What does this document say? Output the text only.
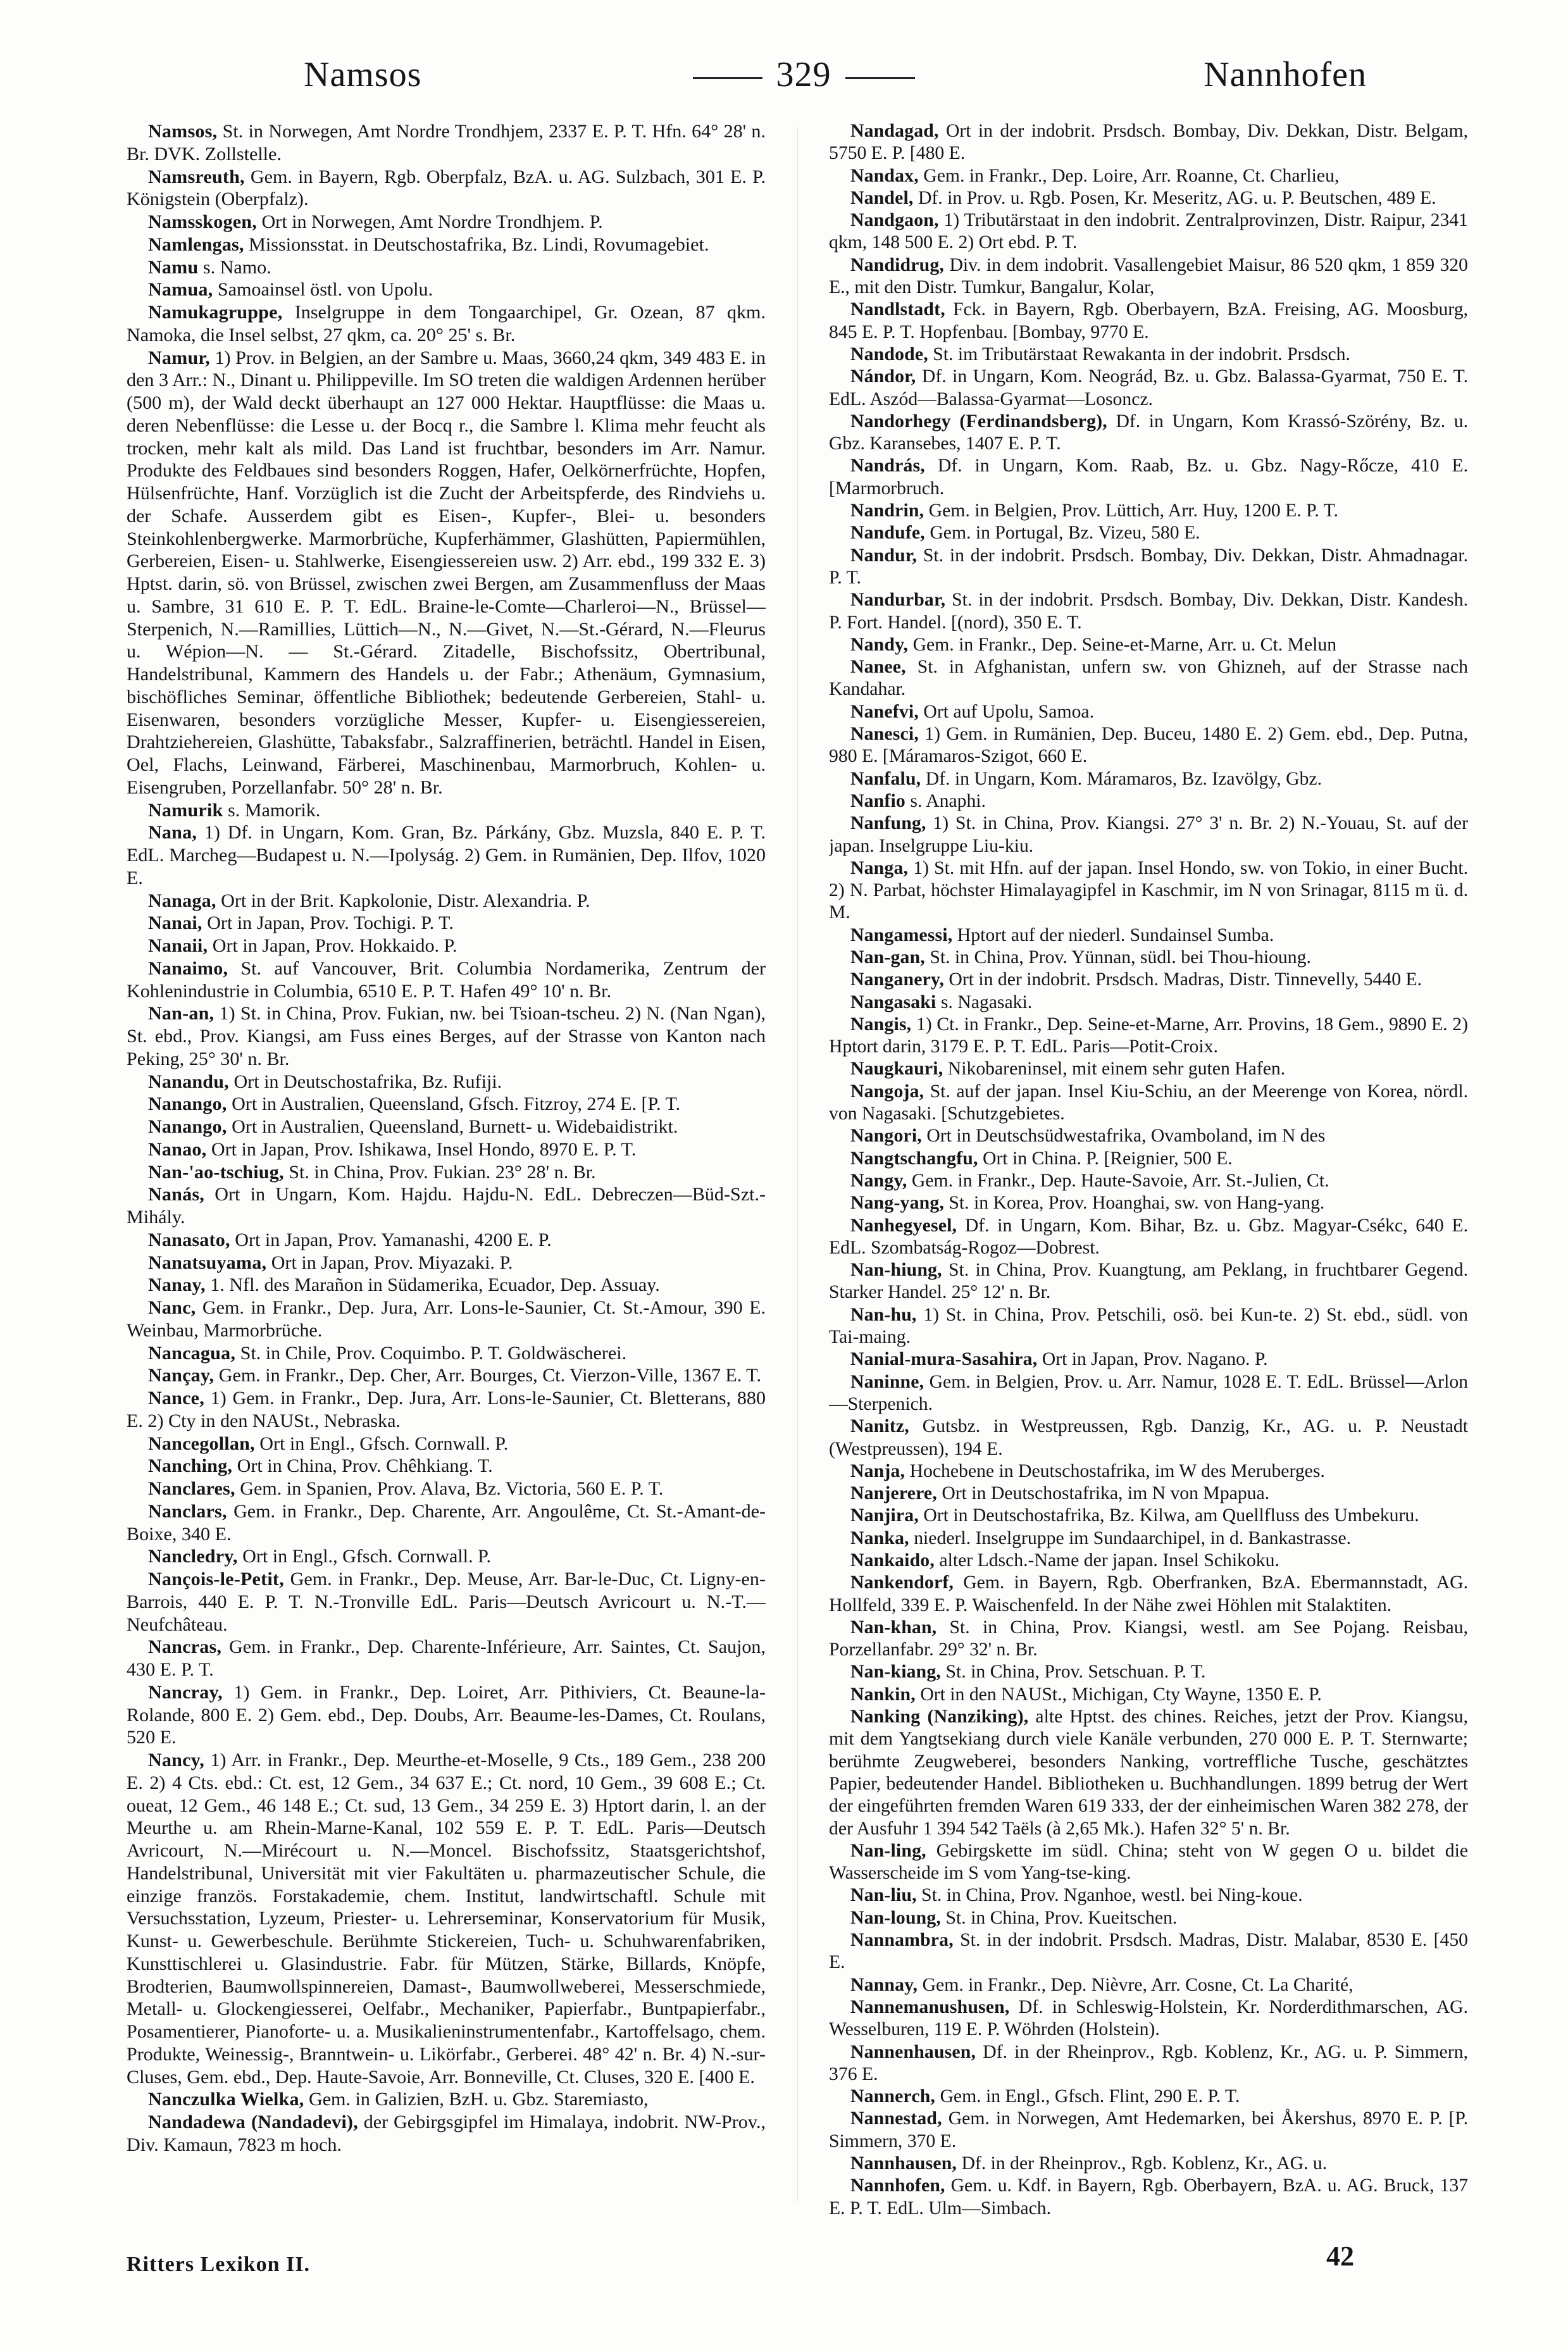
Namsos	329	Nannhofen
Namsos, St. in Norwegen, Amt Nordre Trondhjem, 2337 E. P. T. Hfn. 64° 28' n. Br. DVK. Zollstelle.
Namsreuth, Gem. in Bayern, Rgb. Oberpfalz, BzA. u. AG. Sulzbach, 301 E. P. Königstein (Oberpfalz).
Namsskogen, Ort in Norwegen, Amt Nordre Trondhjem. P.
Namlengas, Missionsstat. in Deutschostafrika, Bz. Lindi, Rovumagebiet.
Namu s. Namo.
Namua, Samoainsel östl. von Upolu.
Namukagruppe, Inselgruppe in dem Tongaarchipel, Gr. Ozean, 87 qkm. Namoka, die Insel selbst, 27 qkm, ca. 20° 25' s. Br.
Namur, 1) Prov. in Belgien, an der Sambre u. Maas, 3660,24 qkm, 349 483 E. in den 3 Arr.: N., Dinant u. Philippeville. Im SO treten die waldigen Ardennen herüber (500 m), der Wald deckt überhaupt an 127 000 Hektar. Hauptflüsse: die Maas u. deren Nebenflüsse: die Lesse u. der Bocq r., die Sambre l. Klima mehr feucht als trocken, mehr kalt als mild. Das Land ist fruchtbar, besonders im Arr. Namur. Produkte des Feldbaues sind besonders Roggen, Hafer, Oelkörnerfrüchte, Hopfen, Hülsenfrüchte, Hanf. Vorzüglich ist die Zucht der Arbeitspferde, des Rindviehs u. der Schafe. Ausserdem gibt es Eisen-, Kupfer-, Blei- u. besonders Steinkohlenbergwerke. Marmorbrüche, Kupferhämmer, Glashütten, Papiermühlen, Gerbereien, Eisen- u. Stahlwerke, Eisengiessereien usw. 2) Arr. ebd., 199 332 E. 3) Hptst. darin, sö. von Brüssel, zwischen zwei Bergen, am Zusammenfluss der Maas u. Sambre, 31 610 E. P. T. EdL. Braine-le-Comte—Charleroi—N., Brüssel—Sterpenich, N.—Ramillies, Lüttich—N., N.—Givet, N.—St.-Gérard, N.—Fleurus u. Wépion—N. — St.-Gérard. Zitadelle, Bischofssitz, Obertribunal, Handelstribunal, Kammern des Handels u. der Fabr.; Athenäum, Gymnasium, bischöfliches Seminar, öffentliche Bibliothek; bedeutende Gerbereien, Stahl- u. Eisenwaren, besonders vorzügliche Messer, Kupfer- u. Eisengiessereien, Drahtziehereien, Glashütte, Tabaksfabr., Salzraffinerien, beträchtl. Handel in Eisen, Oel, Flachs, Leinwand, Färberei, Maschinenbau, Marmorbruch, Kohlen- u. Eisengruben, Porzellanfabr. 50° 28' n. Br.
Namurik s. Mamorik.
Nana, 1) Df. in Ungarn, Kom. Gran, Bz. Párkány, Gbz. Muzsla, 840 E. P. T. EdL. Marcheg—Budapest u. N.—Ipolyság. 2) Gem. in Rumänien, Dep. Ilfov, 1020 E.
Nanaga, Ort in der Brit. Kapkolonie, Distr. Alexandria. P.
Nanai, Ort in Japan, Prov. Tochigi. P. T.
Nanaii, Ort in Japan, Prov. Hokkaido. P.
Nanaimo, St. auf Vancouver, Brit. Columbia Nordamerika, Zentrum der Kohlenindustrie in Columbia, 6510 E. P. T. Hafen 49° 10' n. Br.
Nan-an, 1) St. in China, Prov. Fukian, nw. bei Tsioan-tscheu. 2) N. (Nan Ngan), St. ebd., Prov. Kiangsi, am Fuss eines Berges, auf der Strasse von Kanton nach Peking, 25° 30' n. Br.
Nanandu, Ort in Deutschostafrika, Bz. Rufiji.
Nanango, Ort in Australien, Queensland, Gfsch. Fitzroy, 274 E. [P. T.
Nanango, Ort in Australien, Queensland, Burnett- u. Widebaidistrikt.
Nanao, Ort in Japan, Prov. Ishikawa, Insel Hondo, 8970 E. P. T.
Nan-'ao-tschiug, St. in China, Prov. Fukian. 23° 28' n. Br.
Nanás, Ort in Ungarn, Kom. Hajdu. Hajdu-N. EdL. Debreczen—Büd-Szt.-Mihály.
Nanasato, Ort in Japan, Prov. Yamanashi, 4200 E. P.
Nanatsuyama, Ort in Japan, Prov. Miyazaki. P.
Nanay, 1. Nfl. des Marañon in Südamerika, Ecuador, Dep. Assuay.
Nanc, Gem. in Frankr., Dep. Jura, Arr. Lons-le-Saunier, Ct. St.-Amour, 390 E. Weinbau, Marmorbrüche.
Nancagua, St. in Chile, Prov. Coquimbo. P. T. Goldwäscherei.
Nançay, Gem. in Frankr., Dep. Cher, Arr. Bourges, Ct. Vierzon-Ville, 1367 E. T.
Nance, 1) Gem. in Frankr., Dep. Jura, Arr. Lons-le-Saunier, Ct. Bletterans, 880 E. 2) Cty in den NAUSt., Nebraska.
Nancegollan, Ort in Engl., Gfsch. Cornwall. P.
Nanching, Ort in China, Prov. Chêhkiang. T.
Nanclares, Gem. in Spanien, Prov. Alava, Bz. Victoria, 560 E. P. T.
Nanclars, Gem. in Frankr., Dep. Charente, Arr. Angoulême, Ct. St.-Amant-de-Boixe, 340 E.
Nancledry, Ort in Engl., Gfsch. Cornwall. P.
Nançois-le-Petit, Gem. in Frankr., Dep. Meuse, Arr. Bar-le-Duc, Ct. Ligny-en-Barrois, 440 E. P. T. N.-Tronville EdL. Paris—Deutsch Avricourt u. N.-T.—Neufchâteau.
Nancras, Gem. in Frankr., Dep. Charente-Inférieure, Arr. Saintes, Ct. Saujon, 430 E. P. T.
Nancray, 1) Gem. in Frankr., Dep. Loiret, Arr. Pithiviers, Ct. Beaune-la-Rolande, 800 E. 2) Gem. ebd., Dep. Doubs, Arr. Beaume-les-Dames, Ct. Roulans, 520 E.
Nancy, 1) Arr. in Frankr., Dep. Meurthe-et-Moselle, 9 Cts., 189 Gem., 238 200 E. 2) 4 Cts. ebd.: Ct. est, 12 Gem., 34 637 E.; Ct. nord, 10 Gem., 39 608 E.; Ct. oueat, 12 Gem., 46 148 E.; Ct. sud, 13 Gem., 34 259 E. 3) Hptort darin, l. an der Meurthe u. am Rhein-Marne-Kanal, 102 559 E. P. T. EdL. Paris—Deutsch Avricourt, N.—Mirécourt u. N.—Moncel. Bischofssitz, Staatsgerichtshof, Handelstribunal, Universität mit vier Fakultäten u. pharmazeutischer Schule, die einzige französ. Forstakademie, chem. Institut, landwirtschaftl. Schule mit Versuchsstation, Lyzeum, Priester- u. Lehrerseminar, Konservatorium für Musik, Kunst- u. Gewerbeschule. Berühmte Stickereien, Tuch- u. Schuhwarenfabriken, Kunsttischlerei u. Glasindustrie. Fabr. für Mützen, Stärke, Billards, Knöpfe, Brodterien, Baumwollspinnereien, Damast-, Baumwollweberei, Messerschmiede, Metall- u. Glockengiesserei, Oelfabr., Mechaniker, Papierfabr., Buntpapierfabr., Posamentierer, Pianoforte- u. a. Musikalieninstrumentenfabr., Kartoffelsago, chem. Produkte, Weinessig-, Branntwein- u. Likörfabr., Gerberei. 48° 42' n. Br. 4) N.-sur-Cluses, Gem. ebd., Dep. Haute-Savoie, Arr. Bonneville, Ct. Cluses, 320 E. [400 E.
Nanczulka Wielka, Gem. in Galizien, BzH. u. Gbz. Staremiasto,
Nandadewa (Nandadevi), der Gebirgsgipfel im Himalaya, indobrit. NW-Prov., Div. Kamaun, 7823 m hoch.
Nandagad, Ort in der indobrit. Prsdsch. Bombay, Div. Dekkan, Distr. Belgam, 5750 E. P. [480 E.
Nandax, Gem. in Frankr., Dep. Loire, Arr. Roanne, Ct. Charlieu,
Nandel, Df. in Prov. u. Rgb. Posen, Kr. Meseritz, AG. u. P. Beutschen, 489 E.
Nandgaon, 1) Tributärstaat in den indobrit. Zentralprovinzen, Distr. Raipur, 2341 qkm, 148 500 E. 2) Ort ebd. P. T.
Nandidrug, Div. in dem indobrit. Vasallengebiet Maisur, 86 520 qkm, 1 859 320 E., mit den Distr. Tumkur, Bangalur, Kolar,
Nandlstadt, Fck. in Bayern, Rgb. Oberbayern, BzA. Freising, AG. Moosburg, 845 E. P. T. Hopfenbau. [Bombay, 9770 E.
Nandode, St. im Tributärstaat Rewakanta in der indobrit. Prsdsch.
Nándor, Df. in Ungarn, Kom. Neográd, Bz. u. Gbz. Balassa-Gyarmat, 750 E. T. EdL. Aszód—Balassa-Gyarmat—Losoncz.
Nandorhegy (Ferdinandsberg), Df. in Ungarn, Kom Krassó-Szörény, Bz. u. Gbz. Karansebes, 1407 E. P. T.
Nandrás, Df. in Ungarn, Kom. Raab, Bz. u. Gbz. Nagy-Rőcze, 410 E. [Marmorbruch.
Nandrin, Gem. in Belgien, Prov. Lüttich, Arr. Huy, 1200 E. P. T.
Nandufe, Gem. in Portugal, Bz. Vizeu, 580 E.
Nandur, St. in der indobrit. Prsdsch. Bombay, Div. Dekkan, Distr. Ahmadnagar. P. T.
Nandurbar, St. in der indobrit. Prsdsch. Bombay, Div. Dekkan, Distr. Kandesh. P. Fort. Handel. [(nord), 350 E. T.
Nandy, Gem. in Frankr., Dep. Seine-et-Marne, Arr. u. Ct. Melun
Nanee, St. in Afghanistan, unfern sw. von Ghizneh, auf der Strasse nach Kandahar.
Nanefvi, Ort auf Upolu, Samoa.
Nanesci, 1) Gem. in Rumänien, Dep. Buceu, 1480 E. 2) Gem. ebd., Dep. Putna, 980 E. [Máramaros-Szigot, 660 E.
Nanfalu, Df. in Ungarn, Kom. Máramaros, Bz. Izavölgy, Gbz.
Nanfio s. Anaphi.
Nanfung, 1) St. in China, Prov. Kiangsi. 27° 3' n. Br. 2) N.-Youau, St. auf der japan. Inselgruppe Liu-kiu.
Nanga, 1) St. mit Hfn. auf der japan. Insel Hondo, sw. von Tokio, in einer Bucht. 2) N. Parbat, höchster Himalayagipfel in Kaschmir, im N von Srinagar, 8115 m ü. d. M.
Nangamessi, Hptort auf der niederl. Sundainsel Sumba.
Nan-gan, St. in China, Prov. Yünnan, südl. bei Thou-hioung.
Nanganery, Ort in der indobrit. Prsdsch. Madras, Distr. Tinnevelly, 5440 E.
Nangasaki s. Nagasaki.
Nangis, 1) Ct. in Frankr., Dep. Seine-et-Marne, Arr. Provins, 18 Gem., 9890 E. 2) Hptort darin, 3179 E. P. T. EdL. Paris—Potit-Croix.
Naugkauri, Nikobareninsel, mit einem sehr guten Hafen.
Nangoja, St. auf der japan. Insel Kiu-Schiu, an der Meerenge von Korea, nördl. von Nagasaki. [Schutzgebietes.
Nangori, Ort in Deutschsüdwestafrika, Ovamboland, im N des
Nangtschangfu, Ort in China. P. [Reignier, 500 E.
Nangy, Gem. in Frankr., Dep. Haute-Savoie, Arr. St.-Julien, Ct.
Nang-yang, St. in Korea, Prov. Hoanghai, sw. von Hang-yang.
Nanhegyesel, Df. in Ungarn, Kom. Bihar, Bz. u. Gbz. Magyar-Csékc, 640 E. EdL. Szombatság-Rogoz—Dobrest.
Nan-hiung, St. in China, Prov. Kuangtung, am Peklang, in fruchtbarer Gegend. Starker Handel. 25° 12' n. Br.
Nan-hu, 1) St. in China, Prov. Petschili, osö. bei Kun-te. 2) St. ebd., südl. von Tai-maing.
Nanial-mura-Sasahira, Ort in Japan, Prov. Nagano. P.
Naninne, Gem. in Belgien, Prov. u. Arr. Namur, 1028 E. T. EdL. Brüssel—Arlon—Sterpenich.
Nanitz, Gutsbz. in Westpreussen, Rgb. Danzig, Kr., AG. u. P. Neustadt (Westpreussen), 194 E.
Nanja, Hochebene in Deutschostafrika, im W des Meruberges.
Nanjerere, Ort in Deutschostafrika, im N von Mpapua.
Nanjira, Ort in Deutschostafrika, Bz. Kilwa, am Quellfluss des Umbekuru.
Nanka, niederl. Inselgruppe im Sundaarchipel, in d. Bankastrasse.
Nankaido, alter Ldsch.-Name der japan. Insel Schikoku.
Nankendorf, Gem. in Bayern, Rgb. Oberfranken, BzA. Ebermannstadt, AG. Hollfeld, 339 E. P. Waischenfeld. In der Nähe zwei Höhlen mit Stalaktiten.
Nan-khan, St. in China, Prov. Kiangsi, westl. am See Pojang. Reisbau, Porzellanfabr. 29° 32' n. Br.
Nan-kiang, St. in China, Prov. Setschuan. P. T.
Nankin, Ort in den NAUSt., Michigan, Cty Wayne, 1350 E. P.
Nanking (Nanziking), alte Hptst. des chines. Reiches, jetzt der Prov. Kiangsu, mit dem Yangtsekiang durch viele Kanäle verbunden, 270 000 E. P. T. Sternwarte; berühmte Zeugweberei, besonders Nanking, vortreffliche Tusche, geschätztes Papier, bedeutender Handel. Bibliotheken u. Buchhandlungen. 1899 betrug der Wert der eingeführten fremden Waren 619 333, der der einheimischen Waren 382 278, der der Ausfuhr 1 394 542 Taëls (à 2,65 Mk.). Hafen 32° 5' n. Br.
Nan-ling, Gebirgskette im südl. China; steht von W gegen O u. bildet die Wasserscheide im S vom Yang-tse-king.
Nan-liu, St. in China, Prov. Nganhoe, westl. bei Ning-koue.
Nan-loung, St. in China, Prov. Kueitschen.
Nannambra, St. in der indobrit. Prsdsch. Madras, Distr. Malabar, 8530 E. [450 E.
Nannay, Gem. in Frankr., Dep. Nièvre, Arr. Cosne, Ct. La Charité,
Nannemanushusen, Df. in Schleswig-Holstein, Kr. Norderdithmarschen, AG. Wesselburen, 119 E. P. Wöhrden (Holstein).
Nannenhausen, Df. in der Rheinprov., Rgb. Koblenz, Kr., AG. u. P. Simmern, 376 E.
Nannerch, Gem. in Engl., Gfsch. Flint, 290 E. P. T.
Nannestad, Gem. in Norwegen, Amt Hedemarken, bei Åkershus, 8970 E. P. [P. Simmern, 370 E.
Nannhausen, Df. in der Rheinprov., Rgb. Koblenz, Kr., AG. u.
Nannhofen, Gem. u. Kdf. in Bayern, Rgb. Oberbayern, BzA. u. AG. Bruck, 137 E. P. T. EdL. Ulm—Simbach.
Ritters Lexikon II.	42
